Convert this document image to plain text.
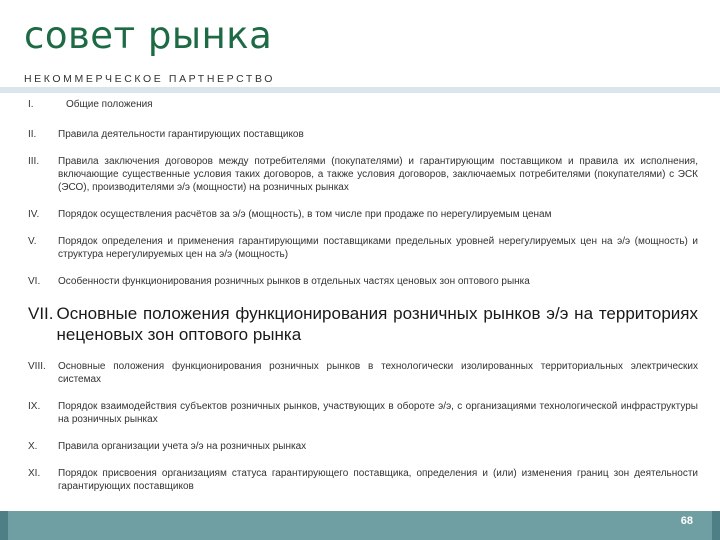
совет рынка
НЕКОММЕРЧЕСКОЕ ПАРТНЕРСТВО
I.	Общие положения
II.	Правила деятельности гарантирующих поставщиков
III.	Правила заключения договоров между потребителями (покупателями) и гарантирующим поставщиком и правила их исполнения, включающие существенные условия таких договоров, а также условия договоров, заключаемых потребителями (покупателями) с ЭСК (ЭСО), производителями э/э (мощности) на розничных рынках
IV.	Порядок осуществления расчётов за э/э (мощность), в том числе при продаже по нерегулируемым ценам
V.	Порядок определения и применения гарантирующими поставщиками предельных уровней нерегулируемых цен на э/э (мощность) и структура нерегулируемых цен на э/э (мощность)
VI.	Особенности функционирования розничных рынков в отдельных частях ценовых зон оптового рынка
VII. Основные положения функционирования розничных рынков э/э на территориях неценовых зон оптового рынка
VIII.	Основные положения функционирования розничных рынков в технологически изолированных территориальных электрических системах
IX.	Порядок взаимодействия субъектов розничных рынков, участвующих в обороте э/э, с организациями технологической инфраструктуры на розничных рынках
X.	Правила организации учета э/э на розничных рынках
XI.	Порядок присвоения организациям статуса гарантирующего поставщика, определения и (или) изменения границ зон деятельности гарантирующих поставщиков
68
